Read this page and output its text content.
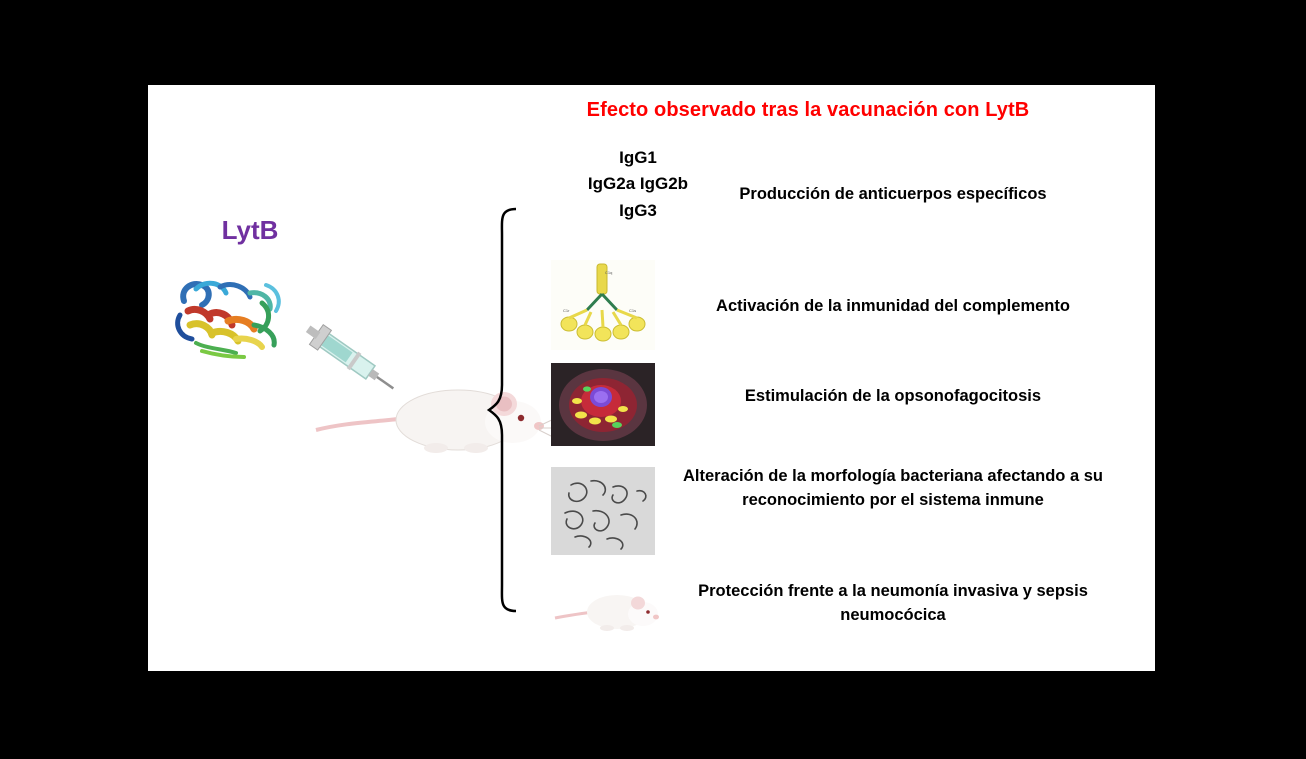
Efecto observado tras la vacunación con LytB
LytB
IgG1
IgG2a IgG2b
IgG3
C1q
C1r	C1s
Producción de anticuerpos específicos
Activación de la inmunidad del complemento
Estimulación de la opsonofagocitosis
Alteración de la morfología bacteriana afectando a su reconocimiento por el sistema inmune
Protección frente a la neumonía invasiva y sepsis neumocócica
